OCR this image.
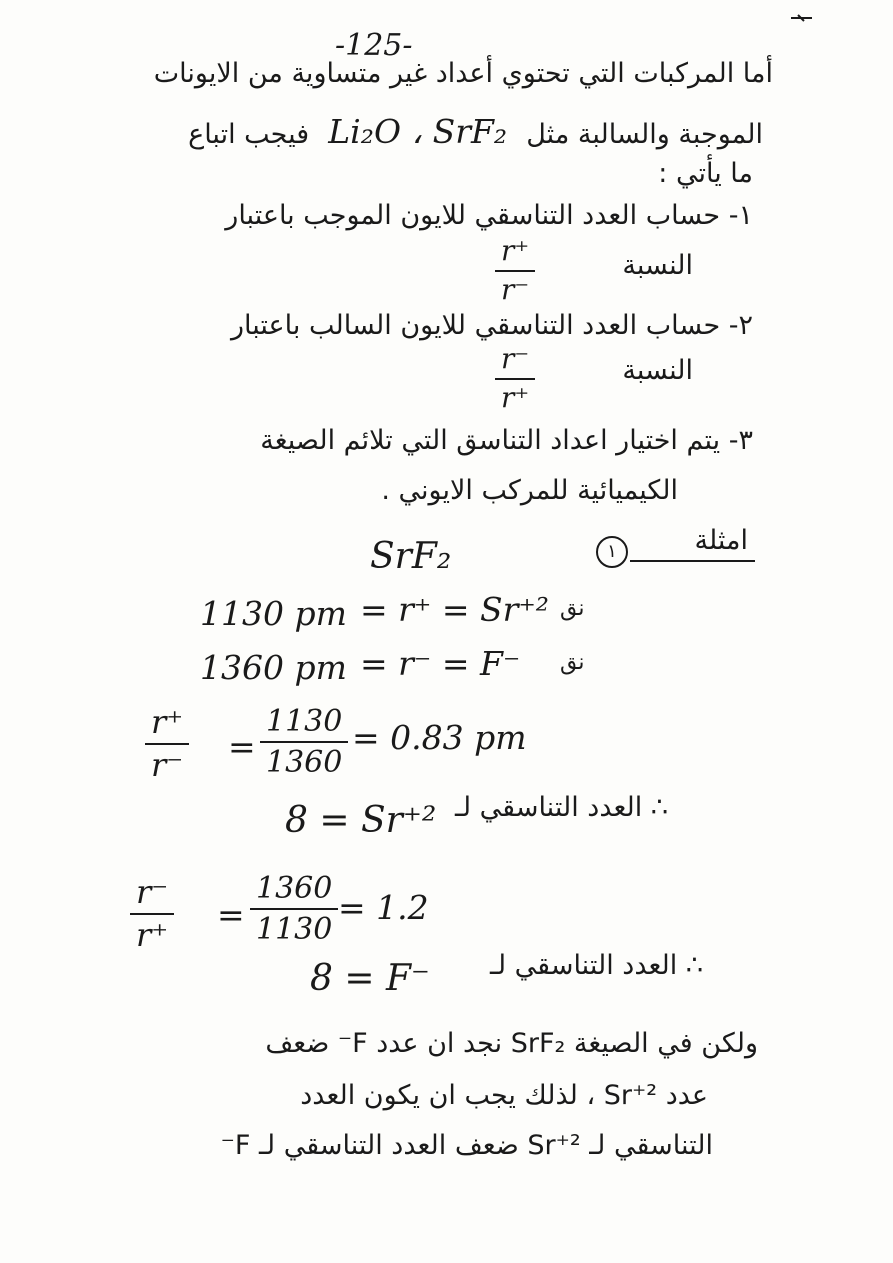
-125-
أما المركبات التي تحتوي أعداد غير متساوية من الايونات
الموجبة والسالبة مثل Li₂O ، SrF₂ فيجب اتباع
ما يأتي :
١- حساب العدد التناسقي للايون الموجب باعتبار
النسبة
r⁺
r⁻
٢- حساب العدد التناسقي للايون السالب باعتبار
النسبة
r⁻
r⁺
٣- يتم اختيار اعداد التناسق التي تلائم الصيغة
الكيميائية للمركب الايوني .
امثلة
١
SrF₂
1130 pm = r⁺ = Sr⁺² نق
1360 pm = r⁻ = F⁻ نق
r⁺
r⁻ =
1130
1360
= 0.83 pm
∴ العدد التناسقي لـ
8 = Sr⁺²
r⁻
r⁺
=
1360
1130
= 1.2
∴ العدد التناسقي لـ
8 = F⁻
ولكن في الصيغة SrF₂ نجد ان عدد F⁻ ضعف
عدد Sr⁺² ، لذلك يجب ان يكون العدد
التناسقي لـ Sr⁺² ضعف العدد التناسقي لـ F⁻
